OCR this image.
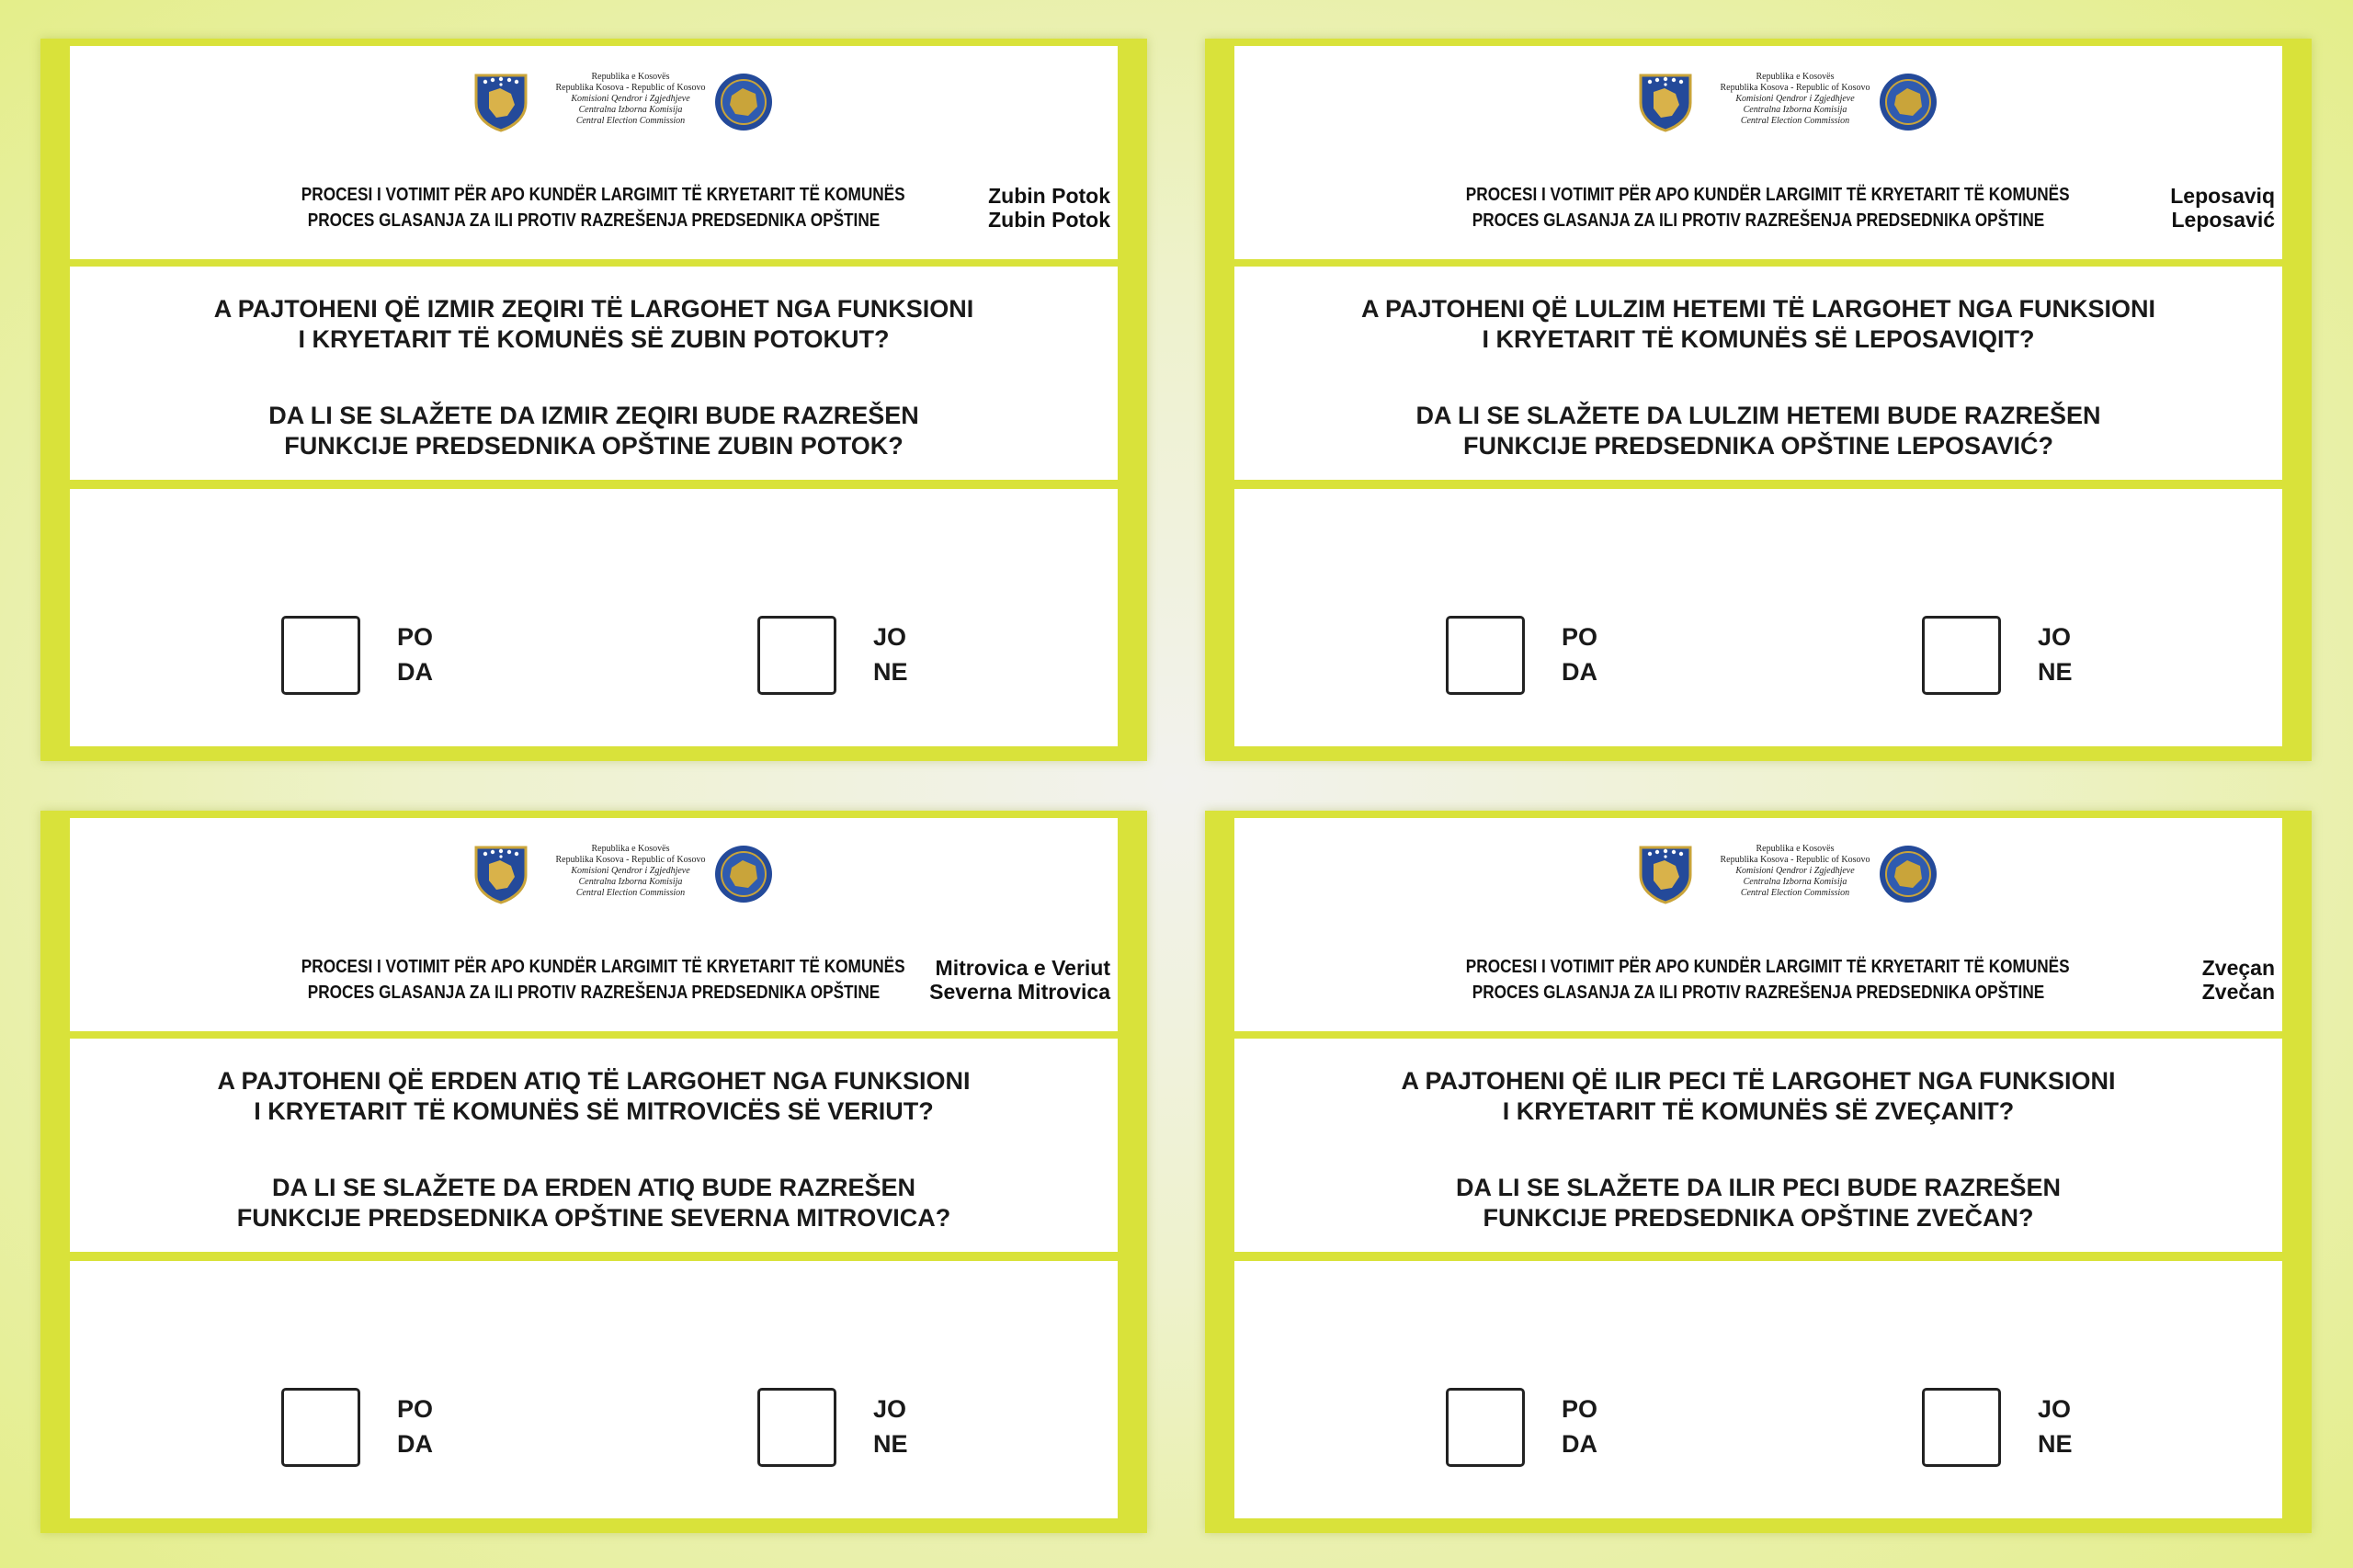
Republika e Kosovës
Republika Kosova - Republic of Kosovo
Komisioni Qendror i Zgjedhjeve
Centralna Izborna Komisija
Central Election Commission
PROCESI I VOTIMIT PËR APO KUNDËR LARGIMIT TË KRYETARIT TË KOMUNËS
PROCES GLASANJA ZA ILI PROTIV RAZREŠENJA PREDSEDNIKA OPŠTINE
Zubin Potok
Zubin Potok
A PAJTOHENI QË IZMIR ZEQIRI TË LARGOHET NGA FUNKSIONI
I KRYETARIT TË KOMUNËS SË ZUBIN POTOKUT?
DA LI SE SLAŽETE DA IZMIR ZEQIRI BUDE RAZREŠEN
FUNKCIJE PREDSEDNIKA OPŠTINE ZUBIN POTOK?
PO
DA
JO
NE
Republika e Kosovës
Republika Kosova - Republic of Kosovo
Komisioni Qendror i Zgjedhjeve
Centralna Izborna Komisija
Central Election Commission
PROCESI I VOTIMIT PËR APO KUNDËR LARGIMIT TË KRYETARIT TË KOMUNËS
PROCES GLASANJA ZA ILI PROTIV RAZREŠENJA PREDSEDNIKA OPŠTINE
Leposaviq
Leposavić
A PAJTOHENI QË LULZIM HETEMI TË LARGOHET NGA FUNKSIONI
I KRYETARIT TË KOMUNËS SË LEPOSAVIQIT?
DA LI SE SLAŽETE DA LULZIM HETEMI BUDE RAZREŠEN
FUNKCIJE PREDSEDNIKA OPŠTINE LEPOSAVIĆ?
PO
DA
JO
NE
Republika e Kosovës
Republika Kosova - Republic of Kosovo
Komisioni Qendror i Zgjedhjeve
Centralna Izborna Komisija
Central Election Commission
PROCESI I VOTIMIT PËR APO KUNDËR LARGIMIT TË KRYETARIT TË KOMUNËS
PROCES GLASANJA ZA ILI PROTIV RAZREŠENJA PREDSEDNIKA OPŠTINE
Mitrovica e Veriut
Severna Mitrovica
A PAJTOHENI QË ERDEN ATIQ TË LARGOHET NGA FUNKSIONI
I KRYETARIT TË KOMUNËS SË MITROVICËS SË VERIUT?
DA LI SE SLAŽETE DA ERDEN ATIQ BUDE RAZREŠEN
FUNKCIJE PREDSEDNIKA OPŠTINE SEVERNA MITROVICA?
PO
DA
JO
NE
Republika e Kosovës
Republika Kosova - Republic of Kosovo
Komisioni Qendror i Zgjedhjeve
Centralna Izborna Komisija
Central Election Commission
PROCESI I VOTIMIT PËR APO KUNDËR LARGIMIT TË KRYETARIT TË KOMUNËS
PROCES GLASANJA ZA ILI PROTIV RAZREŠENJA PREDSEDNIKA OPŠTINE
Zveçan
Zvečan
A PAJTOHENI QË ILIR PECI TË LARGOHET NGA FUNKSIONI
I KRYETARIT TË KOMUNËS SË ZVEÇANIT?
DA LI SE SLAŽETE DA ILIR PECI BUDE RAZREŠEN
FUNKCIJE PREDSEDNIKA OPŠTINE ZVEČAN?
PO
DA
JO
NE
